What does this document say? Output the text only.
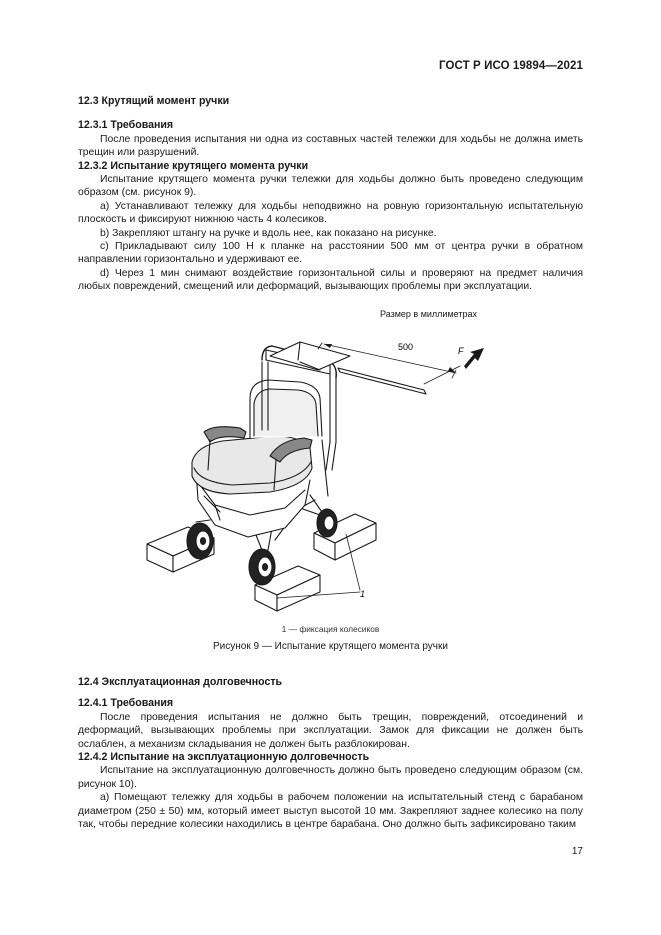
ГОСТ Р ИСО 19894—2021
12.3 Крутящий момент ручки
12.3.1 Требования
После проведения испытания ни одна из составных частей тележки для ходьбы не должна иметь трещин или разрушений.
12.3.2 Испытание крутящего момента ручки
Испытание крутящего момента ручки тележки для ходьбы должно быть проведено следующим образом (см. рисунок 9).
a) Устанавливают тележку для ходьбы неподвижно на ровную горизонтальную испытательную плоскость и фиксируют нижнюю часть 4 колесиков.
b) Закрепляют штангу на ручке и вдоль нее, как показано на рисунке.
c) Прикладывают силу 100 Н к планке на расстоянии 500 мм от центра ручки в обратном направлении горизонтально и удерживают ее.
d) Через 1 мин снимают воздействие горизонтальной силы и проверяют на предмет наличия любых повреждений, смещений или деформаций, вызывающих проблемы при эксплуатации.
Размер в миллиметрах
500	F
1
1 — фиксация колесиков
Рисунок 9 — Испытание крутящего момента ручки
12.4 Эксплуатационная долговечность
12.4.1 Требования
После проведения испытания не должно быть трещин, повреждений, отсоединений и деформаций, вызывающих проблемы при эксплуатации. Замок для фиксации не должен быть ослаблен, а механизм складывания не должен быть разблокирован.
12.4.2 Испытание на эксплуатационную долговечность
Испытание на эксплуатационную долговечность должно быть проведено следующим образом (см. рисунок 10).
a) Помещают тележку для ходьбы в рабочем положении на испытательный стенд с барабаном диаметром (250 ± 50) мм, который имеет выступ высотой 10 мм. Закрепляют заднее колесико на полу так, чтобы передние колесики находились в центре барабана. Оно должно быть зафиксировано таким
17
